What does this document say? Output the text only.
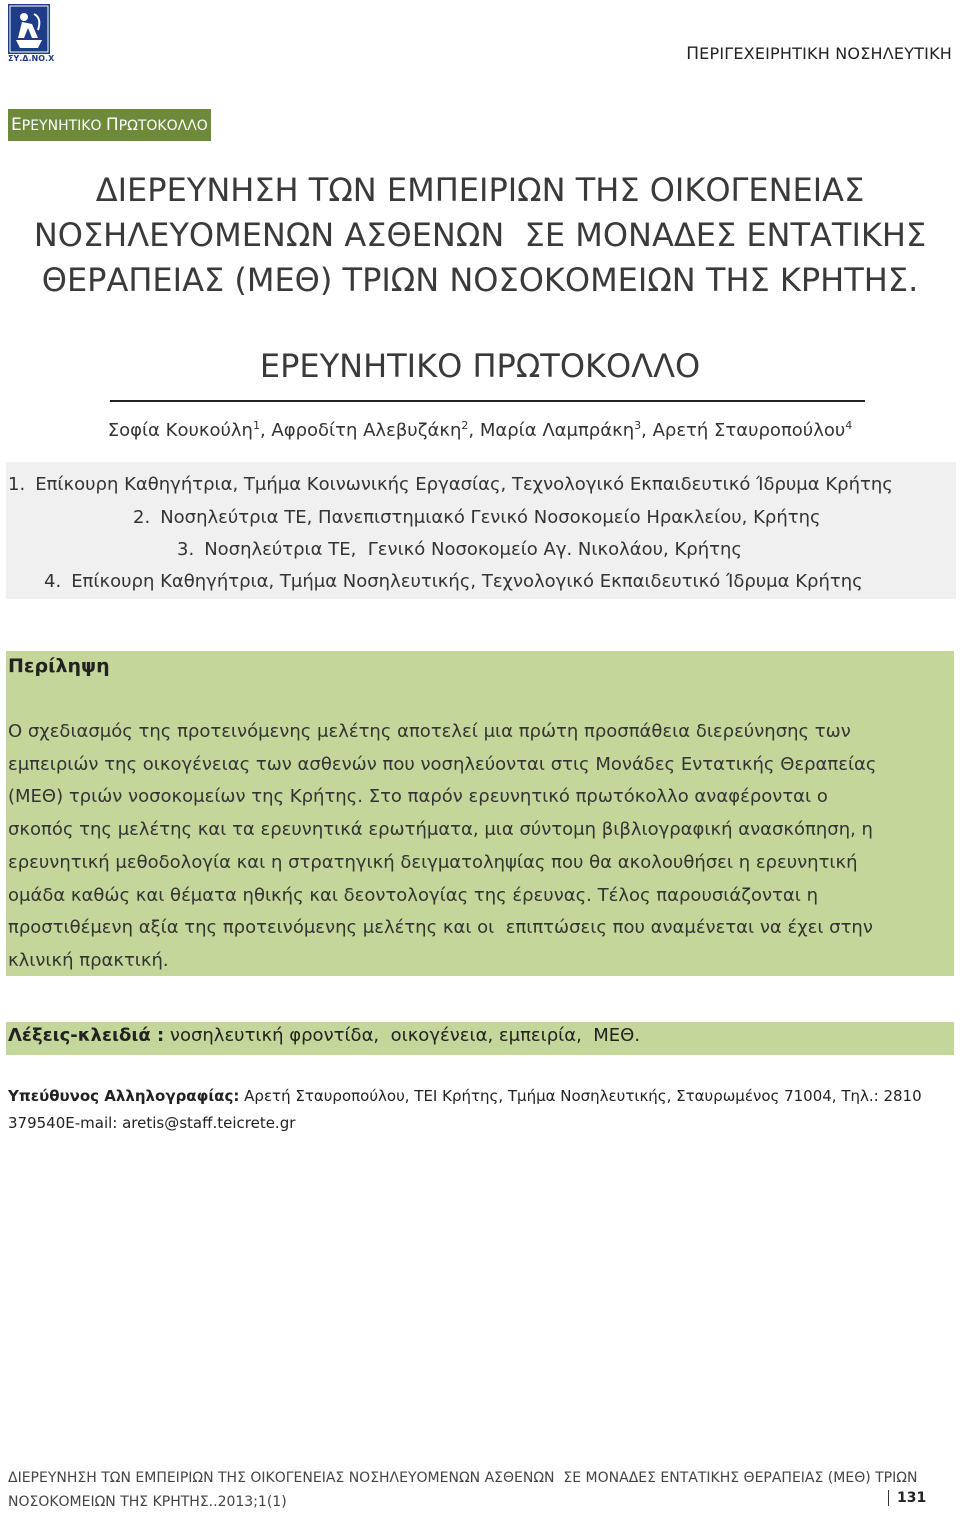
ΣΥ.Δ.ΝΟ.Χ	ΠΕΡΙΓΕΧΕΙΡΗΤΙΚΗ ΝΟΣΗΛΕΥΤΙΚΗ
ΕΡΕΥΝΗΤΙΚΟ ΠΡΩΤΟΚΟΛΛΟ
ΔΙΕΡΕΥΝΗΣΗ ΤΩΝ ΕΜΠΕΙΡΙΩΝ ΤΗΣ ΟΙΚΟΓΕΝΕΙΑΣ
ΝΟΣΗΛΕΥΟΜΕΝΩΝ ΑΣΘΕΝΩΝ  ΣΕ ΜΟΝΑΔΕΣ ΕΝΤΑΤΙΚΗΣ
ΘΕΡΑΠΕΙΑΣ (ΜΕΘ) ΤΡΙΩΝ ΝΟΣΟΚΟΜΕΙΩΝ ΤΗΣ ΚΡΗΤΗΣ.
ΕΡΕΥΝΗΤΙΚΟ ΠΡΩΤΟΚΟΛΛΟ
Σοφία Κουκούλη$^1$, Αφροδίτη Αλεβυζάκη$^2$, Μαρία Λαμπράκη$^3$, Αρετή Σταυροπούλου$^4$
1. Επίκουρη Καθηγήτρια, Τμήμα Κοινωνικής Εργασίας, Τεχνολογικό Εκπαιδευτικό Ίδρυμα Κρήτης
2. Νοσηλεύτρια ΤΕ, Πανεπιστημιακό Γενικό Νοσοκομείο Ηρακλείου, Κρήτης
3. Νοσηλεύτρια ΤΕ,  Γενικό Νοσοκομείο Αγ. Νικολάου, Κρήτης
4. Επίκουρη Καθηγήτρια, Τμήμα Νοσηλευτικής, Τεχνολογικό Εκπαιδευτικό Ίδρυμα Κρήτης
Περίληψη
Ο σχεδιασμός της προτεινόμενης μελέτης αποτελεί μια πρώτη προσπάθεια διερεύνησης των
εμπειριών της οικογένειας των ασθενών που νοσηλεύονται στις Μονάδες Εντατικής Θεραπείας
(ΜΕΘ) τριών νοσοκομείων της Κρήτης. Στο παρόν ερευνητικό πρωτόκολλο αναφέρονται ο
σκοπός της μελέτης και τα ερευνητικά ερωτήματα, μια σύντομη βιβλιογραφική ανασκόπηση, η
ερευνητική μεθοδολογία και η στρατηγική δειγματοληψίας που θα ακολουθήσει η ερευνητική
ομάδα καθώς και θέματα ηθικής και δεοντολογίας της έρευνας. Τέλος παρουσιάζονται η
προστιθέμενη αξία της προτεινόμενης μελέτης και οι  επιπτώσεις που αναμένεται να έχει στην
κλινική πρακτική.
Λέξεις-κλειδιά : νοσηλευτική φροντίδα,  οικογένεια, εμπειρία,  ΜΕΘ.
Υπεύθυνος Αλληλογραφίας: Αρετή Σταυροπούλου, ΤΕΙ Κρήτης, Τμήμα Νοσηλευτικής, Σταυρωμένος 71004, Τηλ.: 2810
379540E-mail: aretis@staff.teicrete.gr
ΔΙΕΡΕΥΝΗΣΗ ΤΩΝ ΕΜΠΕΙΡΙΩΝ ΤΗΣ ΟΙΚΟΓΕΝΕΙΑΣ ΝΟΣΗΛΕΥΟΜΕΝΩΝ ΑΣΘΕΝΩΝ  ΣΕ ΜΟΝΑΔΕΣ ΕΝΤΑΤΙΚΗΣ ΘΕΡΑΠΕΙΑΣ (ΜΕΘ) ΤΡΙΩΝ
ΝΟΣΟΚΟΜΕΙΩΝ ΤΗΣ ΚΡΗΤΗΣ..2013;1(1)	131
